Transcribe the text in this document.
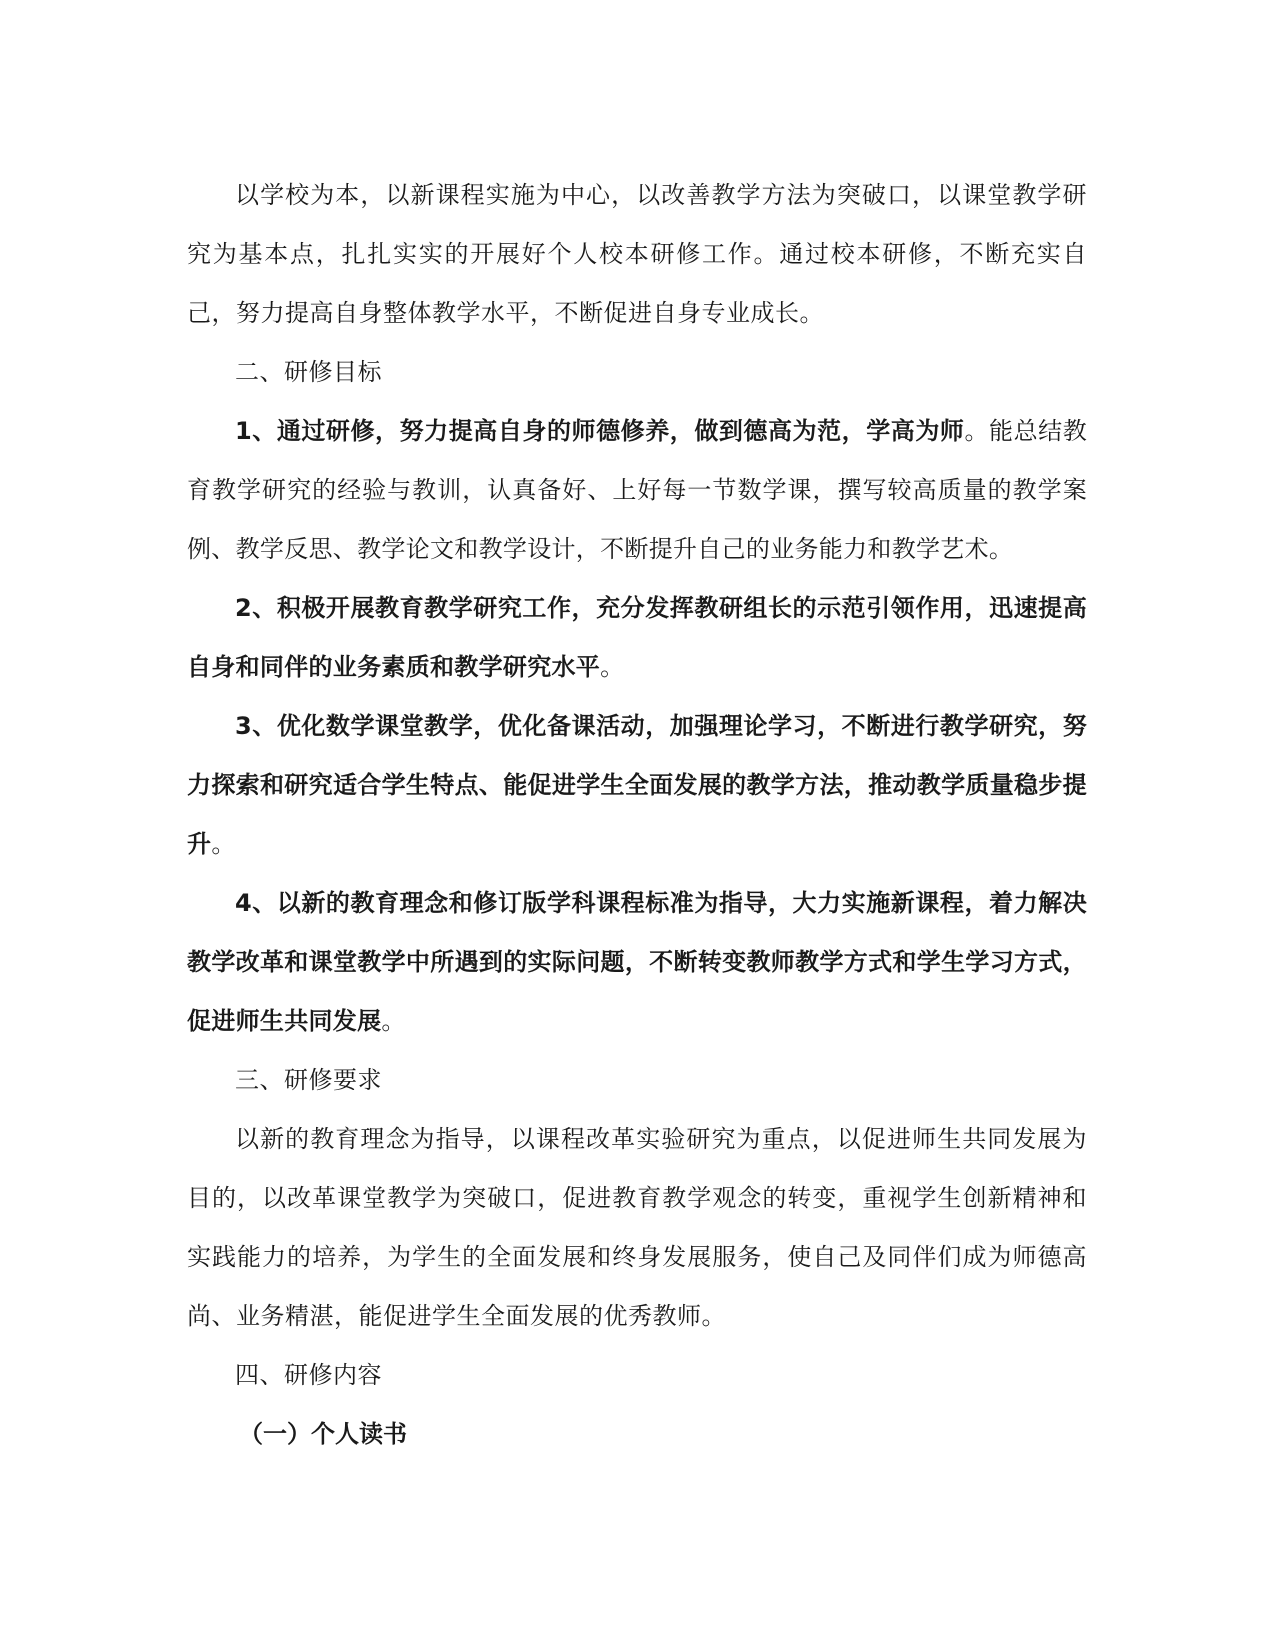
以学校为本，以新课程实施为中心，以改善教学方法为突破口，以课堂教学研究为基本点，扎扎实实的开展好个人校本研修工作。通过校本研修，不断充实自己，努力提高自身整体教学水平，不断促进自身专业成长。

二、研修目标

1、通过研修，努力提高自身的师德修养，做到德高为范，学高为师。能总结教育教学研究的经验与教训，认真备好、上好每一节数学课，撰写较高质量的教学案例、教学反思、教学论文和教学设计，不断提升自己的业务能力和教学艺术。

2、积极开展教育教学研究工作，充分发挥教研组长的示范引领作用，迅速提高自身和同伴的业务素质和教学研究水平。

3、优化数学课堂教学，优化备课活动，加强理论学习，不断进行教学研究，努力探索和研究适合学生特点、能促进学生全面发展的教学方法，推动教学质量稳步提升。

4、以新的教育理念和修订版学科课程标准为指导，大力实施新课程，着力解决教学改革和课堂教学中所遇到的实际问题，不断转变教师教学方式和学生学习方式，促进师生共同发展。

三、研修要求

以新的教育理念为指导，以课程改革实验研究为重点，以促进师生共同发展为目的，以改革课堂教学为突破口，促进教育教学观念的转变，重视学生创新精神和实践能力的培养，为学生的全面发展和终身发展服务，使自己及同伴们成为师德高尚、业务精湛，能促进学生全面发展的优秀教师。

四、研修内容

（一）个人读书
